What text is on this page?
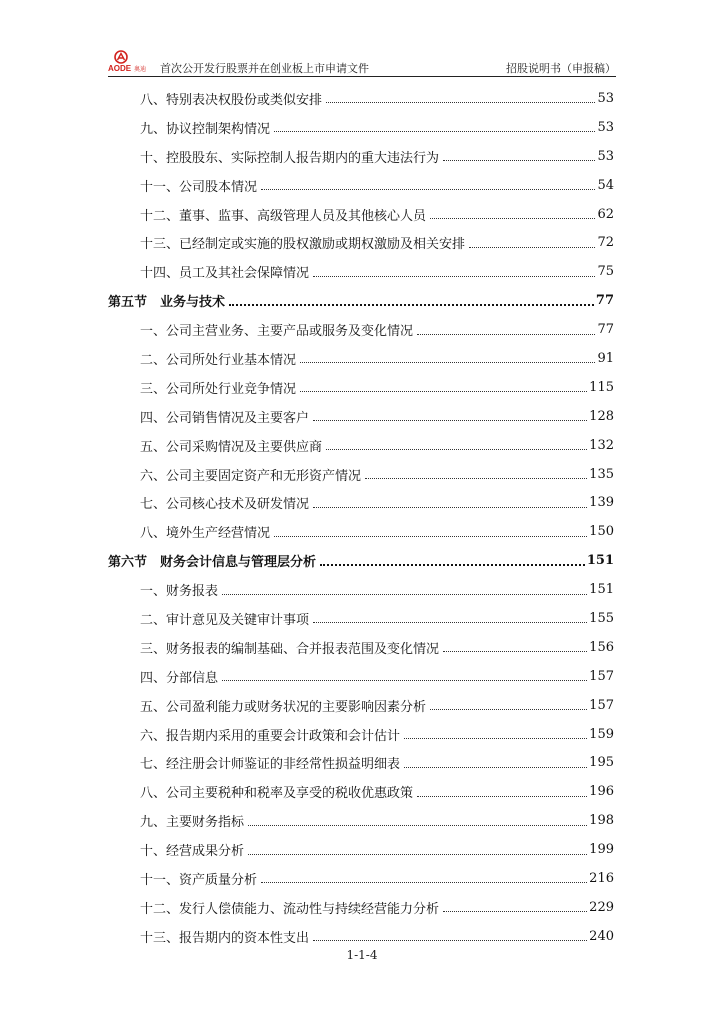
AODE 奥迪 首次公开发行股票并在创业板上市申请文件	招股说明书（申报稿）
八、特别表决权股份或类似安排	53
九、协议控制架构情况	53
十、控股股东、实际控制人报告期内的重大违法行为	53
十一、公司股本情况	54
十二、董事、监事、高级管理人员及其他核心人员	62
十三、已经制定或实施的股权激励或期权激励及相关安排	72
十四、员工及其社会保障情况	75
第五节　业务与技术	77
一、公司主营业务、主要产品或服务及变化情况	77
二、公司所处行业基本情况	91
三、公司所处行业竞争情况	115
四、公司销售情况及主要客户	128
五、公司采购情况及主要供应商	132
六、公司主要固定资产和无形资产情况	135
七、公司核心技术及研发情况	139
八、境外生产经营情况	150
第六节　财务会计信息与管理层分析	151
一、财务报表	151
二、审计意见及关键审计事项	155
三、财务报表的编制基础、合并报表范围及变化情况	156
四、分部信息	157
五、公司盈利能力或财务状况的主要影响因素分析	157
六、报告期内采用的重要会计政策和会计估计	159
七、经注册会计师鉴证的非经常性损益明细表	195
八、公司主要税种和税率及享受的税收优惠政策	196
九、主要财务指标	198
十、经营成果分析	199
十一、资产质量分析	216
十二、发行人偿债能力、流动性与持续经营能力分析	229
十三、报告期内的资本性支出	240
1-1-4
